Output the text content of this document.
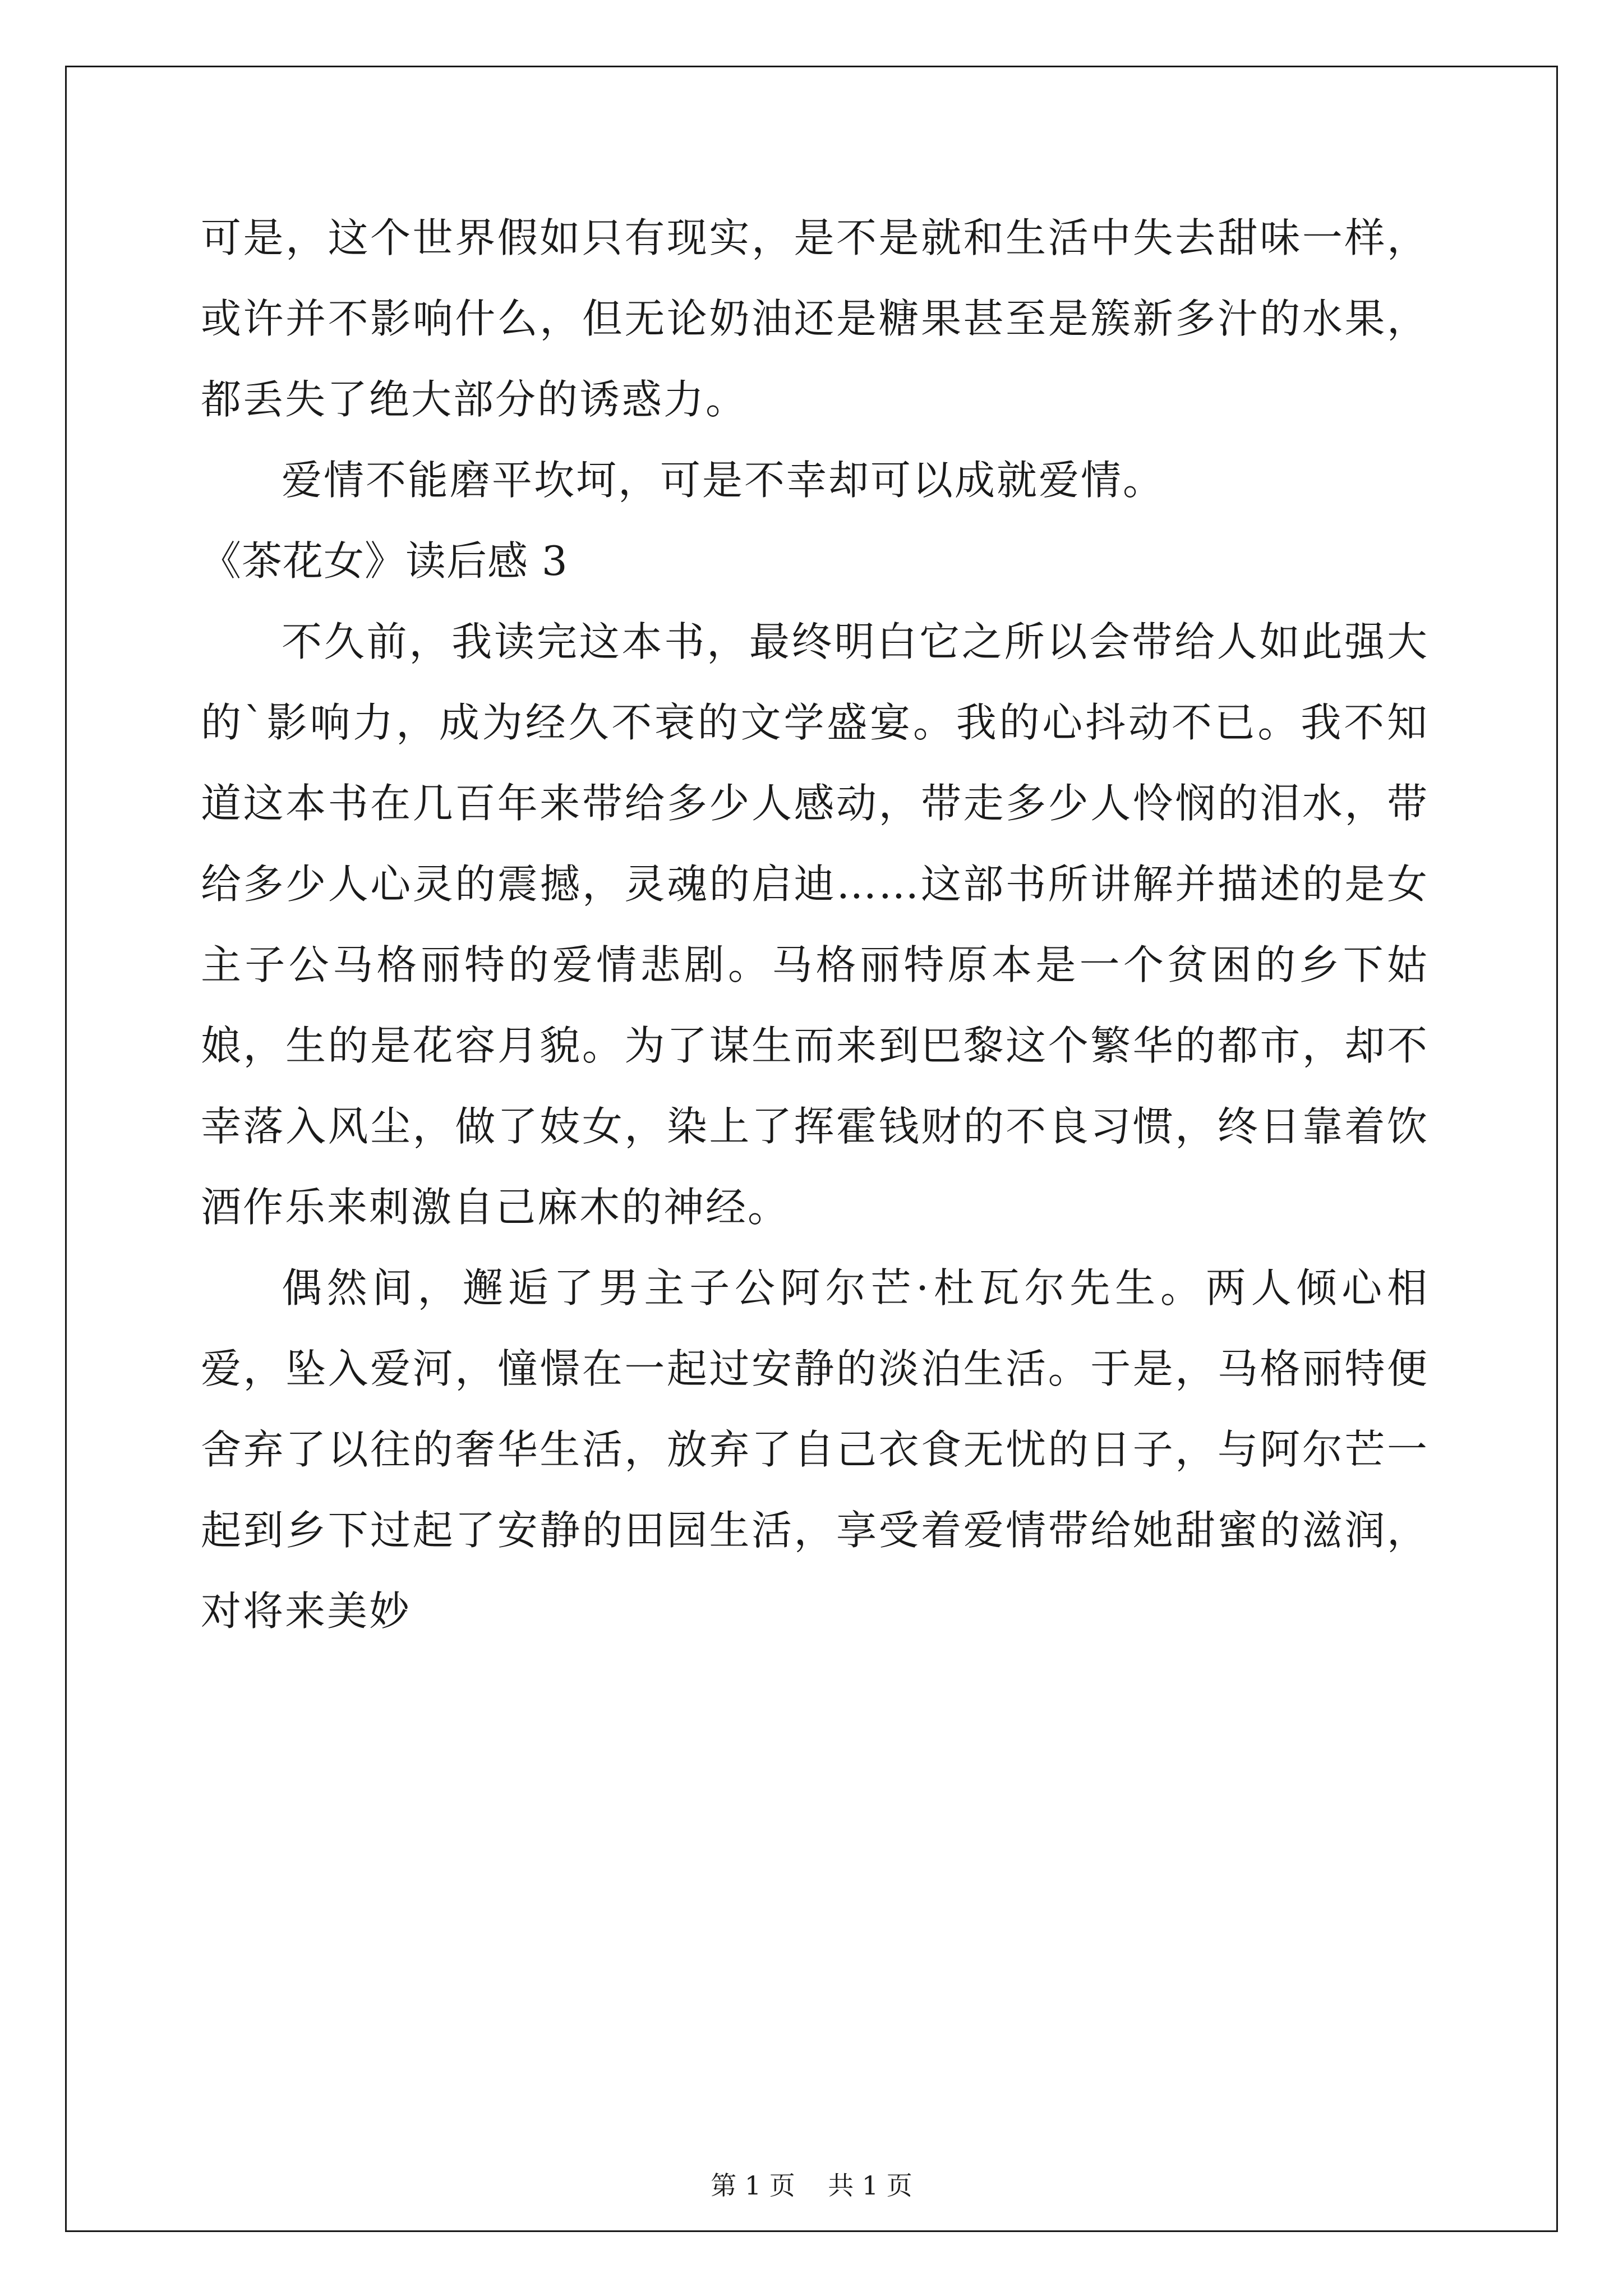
可是，这个世界假如只有现实，是不是就和生活中失去甜味一样，或许并不影响什么，但无论奶油还是糖果甚至是簇新多汁的水果，都丢失了绝大部分的诱惑力。

爱情不能磨平坎坷，可是不幸却可以成就爱情。

《茶花女》读后感 3

不久前，我读完这本书，最终明白它之所以会带给人如此强大的`影响力，成为经久不衰的文学盛宴。我的心抖动不已。我不知道这本书在几百年来带给多少人感动，带走多少人怜悯的泪水，带给多少人心灵的震撼，灵魂的启迪……这部书所讲解并描述的是女主子公马格丽特的爱情悲剧。马格丽特原本是一个贫困的乡下姑娘，生的是花容月貌。为了谋生而来到巴黎这个繁华的都市，却不幸落入风尘，做了妓女，染上了挥霍钱财的不良习惯，终日靠着饮酒作乐来刺激自己麻木的神经。

偶然间，邂逅了男主子公阿尔芒·杜瓦尔先生。两人倾心相爱，坠入爱河，憧憬在一起过安静的淡泊生活。于是，马格丽特便舍弃了以往的奢华生活，放弃了自己衣食无忧的日子，与阿尔芒一起到乡下过起了安静的田园生活，享受着爱情带给她甜蜜的滋润，对将来美妙

第 1 页    共 1 页
